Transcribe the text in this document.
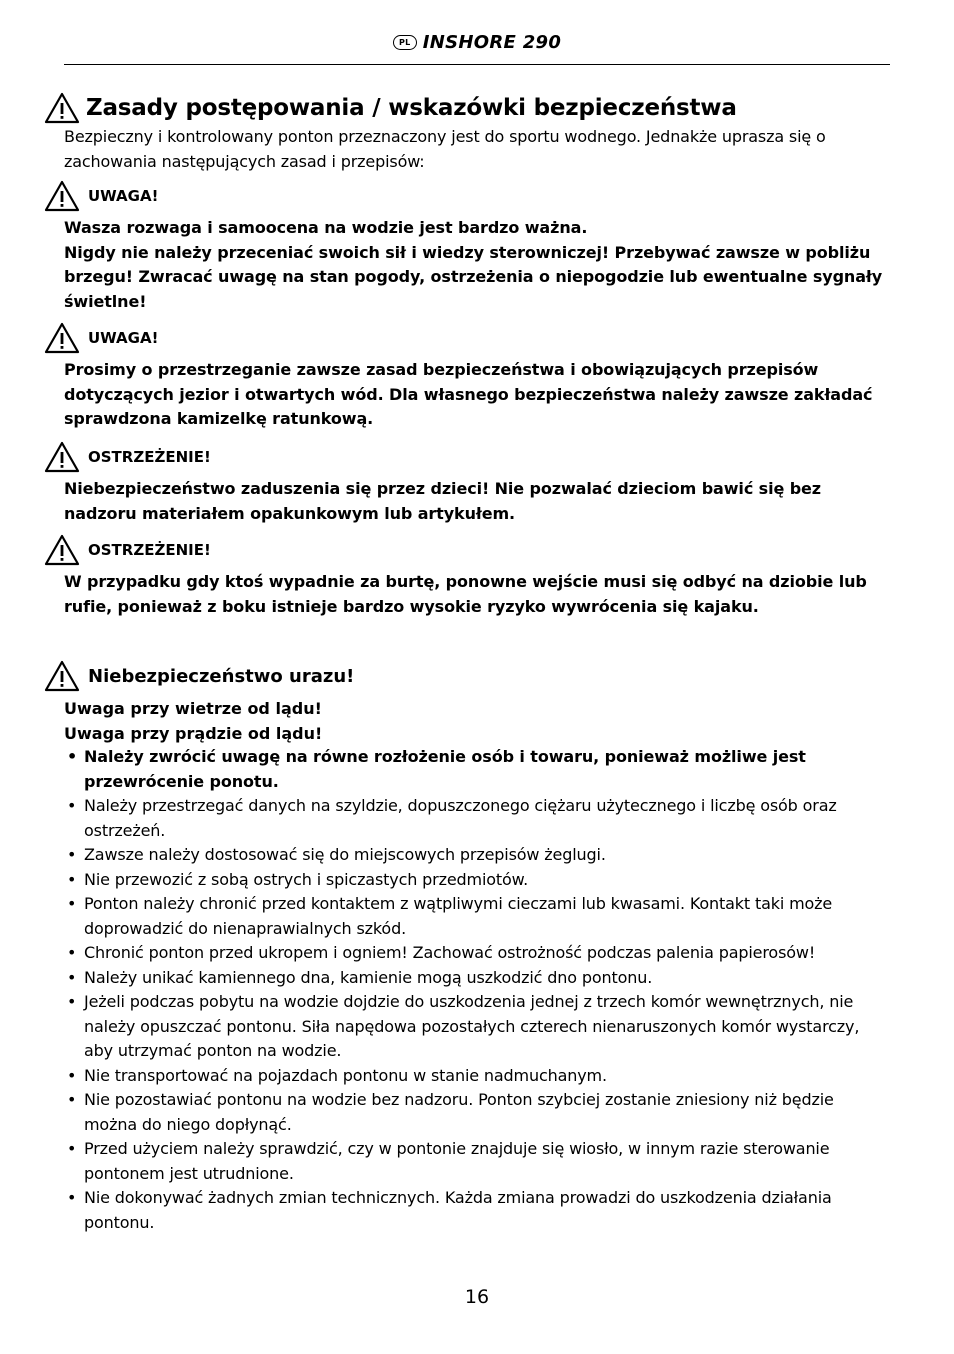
PL INSHORE 290
Zasady postępowania / wskazówki bezpieczeństwa
Bezpieczny i kontrolowany ponton przeznaczony jest do sportu wodnego. Jednakże uprasza się o zachowania następujących zasad i przepisów:
UWAGA!
Wasza rozwaga i samoocena na wodzie jest bardzo ważna.
Nigdy nie należy przeceniać swoich sił i wiedzy sterowniczej! Przebywać zawsze w pobliżu brzegu! Zwracać uwagę na stan pogody, ostrzeżenia o niepogodzie lub ewentualne sygnały świetlne!
UWAGA!
Prosimy o przestrzeganie zawsze zasad bezpieczeństwa i obowiązujących przepisów dotyczących jezior i otwartych wód. Dla własnego bezpieczeństwa należy zawsze zakładać sprawdzona kamizelkę ratunkową.
OSTRZEŻENIE!
Niebezpieczeństwo zaduszenia się przez dzieci! Nie pozwalać dzieciom bawić się bez nadzoru materiałem opakunkowym lub artykułem.
OSTRZEŻENIE!
W przypadku gdy ktoś wypadnie za burtę, ponowne wejście musi się odbyć na dziobie lub rufie, ponieważ z boku istnieje bardzo wysokie ryzyko wywrócenia się kajaku.
Niebezpieczeństwo urazu!
Uwaga przy wietrze od lądu!
Uwaga przy prądzie od lądu!
• Należy zwrócić uwagę na równe rozłożenie osób i towaru, ponieważ możliwe jest przewrócenie ponotu.
• Należy przestrzegać danych na szyldzie, dopuszczonego ciężaru użytecznego i liczbę osób oraz ostrzeżeń.
• Zawsze należy dostosować się do miejscowych przepisów żeglugi.
• Nie przewozić z sobą ostrych i spiczastych przedmiotów.
• Ponton należy chronić przed kontaktem z wątpliwymi cieczami lub kwasami. Kontakt taki może doprowadzić do nienaprawialnych szkód.
• Chronić ponton przed ukropem i ogniem! Zachować ostrożność podczas palenia papierosów!
• Należy unikać kamiennego dna, kamienie mogą uszkodzić dno pontonu.
• Jeżeli podczas pobytu na wodzie dojdzie do uszkodzenia jednej z trzech komór wewnętrznych, nie należy opuszczać pontonu. Siła napędowa pozostałych czterech nienaruszonych komór wystarczy, aby utrzymać ponton na wodzie.
• Nie transportować na pojazdach pontonu w stanie nadmuchanym.
• Nie pozostawiać pontonu na wodzie bez nadzoru. Ponton szybciej zostanie zniesiony niż będzie można do niego dopłynąć.
• Przed użyciem należy sprawdzić, czy w pontonie znajduje się wiosło, w innym razie sterowanie pontonem jest utrudnione.
• Nie dokonywać żadnych zmian technicznych. Każda zmiana prowadzi do uszkodzenia działania pontonu.
16
